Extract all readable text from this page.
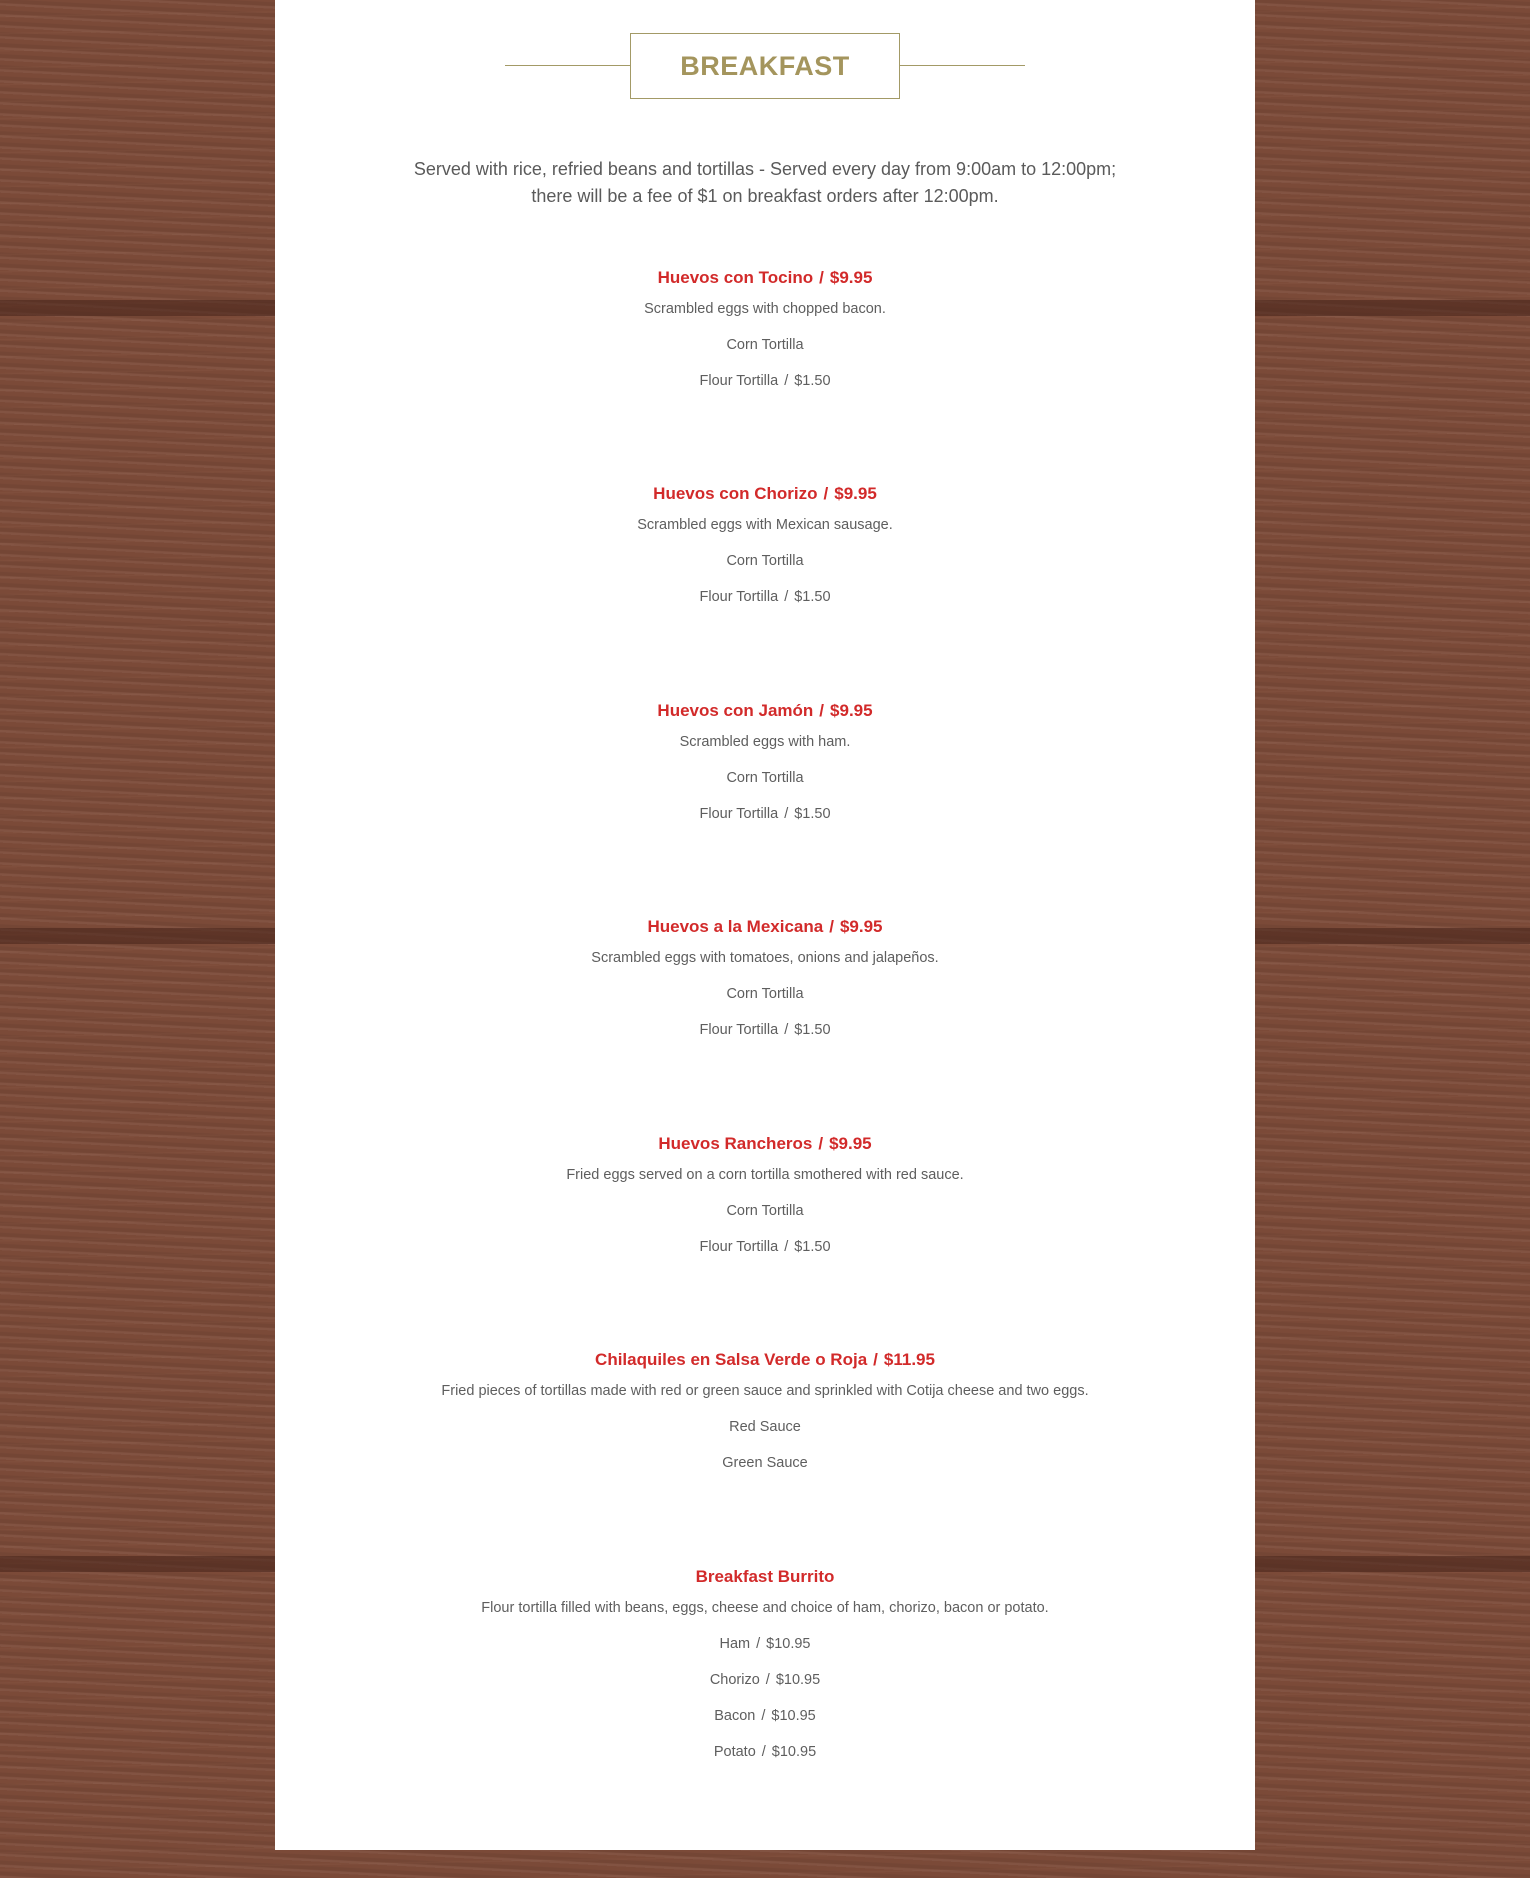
BREAKFAST
Served with rice, refried beans and tortillas - Served every day from 9:00am to 12:00pm; there will be a fee of $1 on breakfast orders after 12:00pm.
Huevos con Tocino / $9.95
Scrambled eggs with chopped bacon.
Corn Tortilla
Flour Tortilla / $1.50
Huevos con Chorizo / $9.95
Scrambled eggs with Mexican sausage.
Corn Tortilla
Flour Tortilla / $1.50
Huevos con Jamón / $9.95
Scrambled eggs with ham.
Corn Tortilla
Flour Tortilla / $1.50
Huevos a la Mexicana / $9.95
Scrambled eggs with tomatoes, onions and jalapeños.
Corn Tortilla
Flour Tortilla / $1.50
Huevos Rancheros / $9.95
Fried eggs served on a corn tortilla smothered with red sauce.
Corn Tortilla
Flour Tortilla / $1.50
Chilaquiles en Salsa Verde o Roja / $11.95
Fried pieces of tortillas made with red or green sauce and sprinkled with Cotija cheese and two eggs.
Red Sauce
Green Sauce
Breakfast Burrito
Flour tortilla filled with beans, eggs, cheese and choice of ham, chorizo, bacon or potato.
Ham / $10.95
Chorizo / $10.95
Bacon / $10.95
Potato / $10.95
